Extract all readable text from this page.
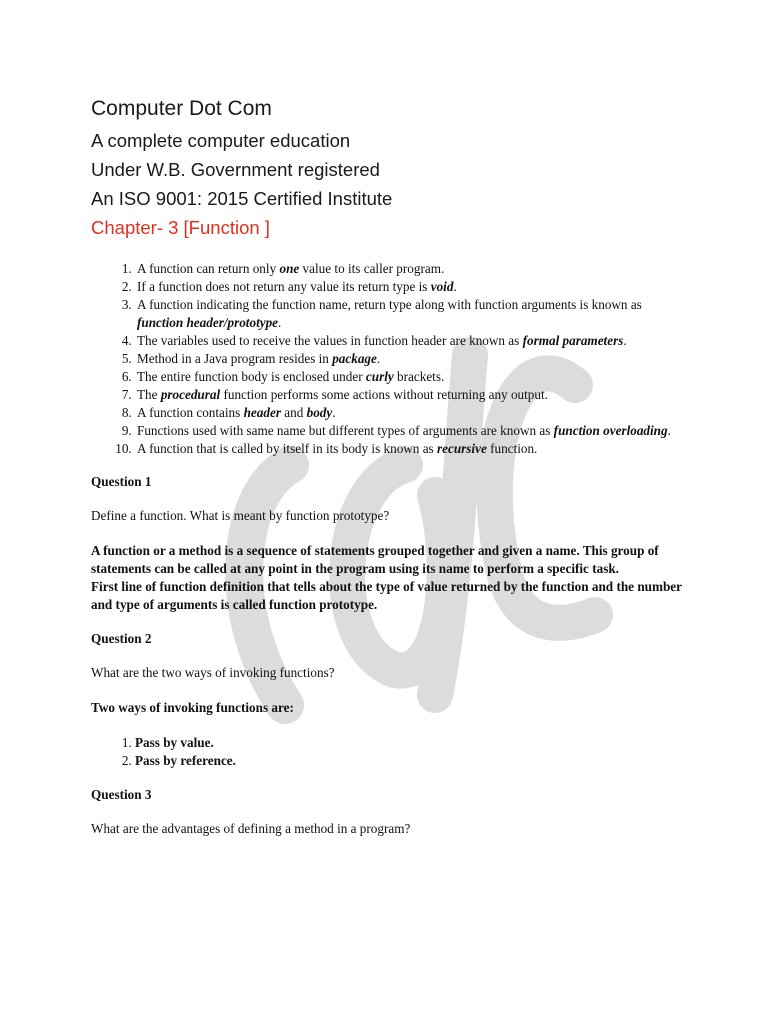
Computer Dot Com

A complete computer education

Under W.B. Government registered

An ISO 9001: 2015 Certified Institute

Chapter- 3 [Function ]

1. A function can return only one value to its caller program.
2. If a function does not return any value its return type is void.
3. A function indicating the function name, return type along with function arguments is known as function header/prototype.
4. The variables used to receive the values in function header are known as formal parameters.
5. Method in a Java program resides in package.
6. The entire function body is enclosed under curly brackets.
7. The procedural function performs some actions without returning any output.
8. A function contains header and body.
9. Functions used with same name but different types of arguments are known as function overloading.
10. A function that is called by itself in its body is known as recursive function.

Question 1

Define a function. What is meant by function prototype?

A function or a method is a sequence of statements grouped together and given a name. This group of statements can be called at any point in the program using its name to perform a specific task.

First line of function definition that tells about the type of value returned by the function and the number and type of arguments is called function prototype.

Question 2

What are the two ways of invoking functions?

Two ways of invoking functions are:

1. Pass by value.
2. Pass by reference.

Question 3

What are the advantages of defining a method in a program?
